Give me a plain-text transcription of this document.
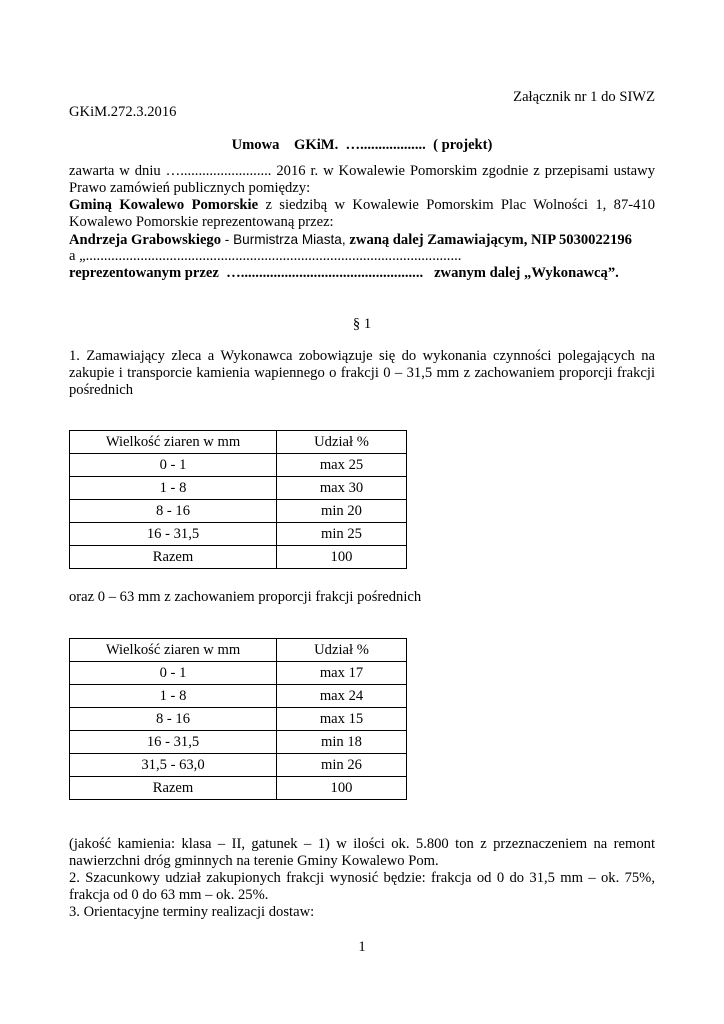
Załącznik nr 1 do SIWZ
GKiM.272.3.2016
Umowa    GKiM.  …..................  ( projekt)
zawarta w dniu …......................... 2016 r. w Kowalewie Pomorskim zgodnie z przepisami ustawy
Prawo zamówień publicznych pomiędzy:
Gminą Kowalewo Pomorskie z siedzibą w Kowalewie Pomorskim Plac Wolności 1, 87-410
Kowalewo Pomorskie reprezentowaną przez:
Andrzeja Grabowskiego - Burmistrza Miasta, zwaną dalej Zamawiającym, NIP 5030022196
a „.......................................................................................................
reprezentowanym przez  …..................................................   zwanym dalej „Wykonawcą”.
§ 1
1. Zamawiający zleca a Wykonawca zobowiązuje się do wykonania czynności polegających na
zakupie i transporcie kamienia wapiennego o frakcji 0 – 31,5 mm z zachowaniem proporcji frakcji
pośrednich
Wielkość ziaren w mm	Udział %
0 - 1	max 25
1 - 8	max 30
8 - 16	min 20
16 - 31,5	min 25
Razem	100
oraz 0 – 63 mm z zachowaniem proporcji frakcji pośrednich
Wielkość ziaren w mm	Udział %
0 - 1	max 17
1 - 8	max 24
8 - 16	max 15
16 - 31,5	min 18
31,5 - 63,0	min 26
Razem	100
(jakość kamienia: klasa – II, gatunek – 1) w ilości ok. 5.800 ton z przeznaczeniem na remont
nawierzchni dróg gminnych na terenie Gminy Kowalewo Pom.
2. Szacunkowy udział zakupionych frakcji wynosić będzie: frakcja od 0 do 31,5 mm – ok. 75%,
frakcja od 0 do 63 mm – ok. 25%.
3. Orientacyjne terminy realizacji dostaw:
1
